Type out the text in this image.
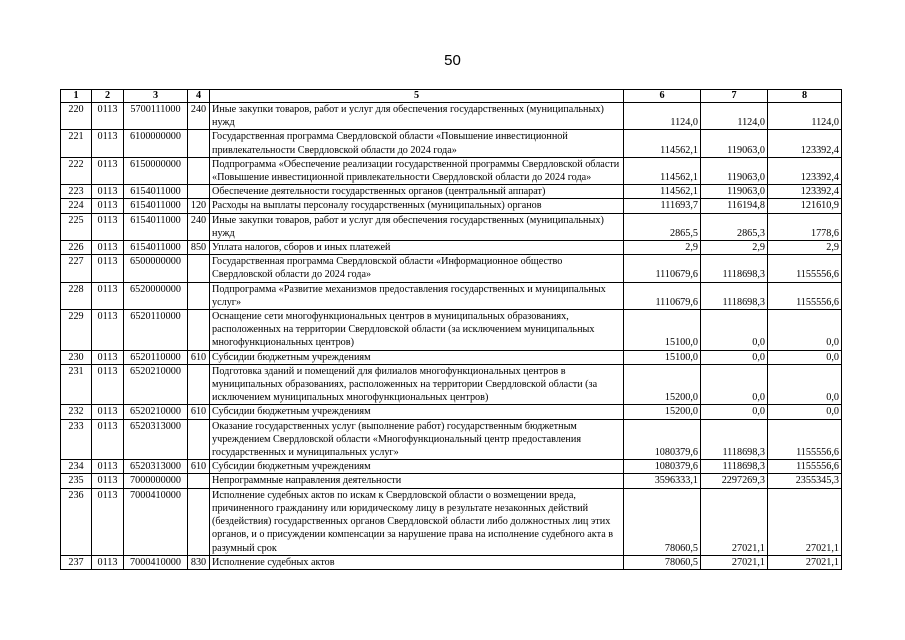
50
1	2	3	4	5	6	7	8
220	0113	5700111000	240	Иные закупки товаров, работ и услуг для обеспечения государственных (муниципальных) нужд	1124,0	1124,0	1124,0
221	0113	6100000000		Государственная программа Свердловской области «Повышение инвестиционной привлекательности Свердловской области до 2024 года»	114562,1	119063,0	123392,4
222	0113	6150000000		Подпрограмма «Обеспечение реализации государственной программы Свердловской области «Повышение инвестиционной привлекательности Свердловской области до 2024 года»	114562,1	119063,0	123392,4
223	0113	6154011000		Обеспечение деятельности государственных органов (центральный аппарат)	114562,1	119063,0	123392,4
224	0113	6154011000	120	Расходы на выплаты персоналу государственных (муниципальных) органов	111693,7	116194,8	121610,9
225	0113	6154011000	240	Иные закупки товаров, работ и услуг для обеспечения государственных (муниципальных) нужд	2865,5	2865,3	1778,6
226	0113	6154011000	850	Уплата налогов, сборов и иных платежей	2,9	2,9	2,9
227	0113	6500000000		Государственная программа Свердловской области «Информационное общество Свердловской области до 2024 года»	1110679,6	1118698,3	1155556,6
228	0113	6520000000		Подпрограмма «Развитие механизмов предоставления государственных и муниципальных услуг»	1110679,6	1118698,3	1155556,6
229	0113	6520110000		Оснащение сети многофункциональных центров в муниципальных образованиях, расположенных на территории Свердловской области (за исключением муниципальных многофункциональных центров)	15100,0	0,0	0,0
230	0113	6520110000	610	Субсидии бюджетным учреждениям	15100,0	0,0	0,0
231	0113	6520210000		Подготовка зданий и помещений для филиалов многофункциональных центров в муниципальных образованиях, расположенных на территории Свердловской области (за исключением муниципальных многофункциональных центров)	15200,0	0,0	0,0
232	0113	6520210000	610	Субсидии бюджетным учреждениям	15200,0	0,0	0,0
233	0113	6520313000		Оказание государственных услуг (выполнение работ) государственным бюджетным учреждением Свердловской области «Многофункциональный центр предоставления государственных и муниципальных услуг»	1080379,6	1118698,3	1155556,6
234	0113	6520313000	610	Субсидии бюджетным учреждениям	1080379,6	1118698,3	1155556,6
235	0113	7000000000		Непрограммные направления деятельности	3596333,1	2297269,3	2355345,3
236	0113	7000410000		Исполнение судебных актов по искам к Свердловской области о возмещении вреда, причиненного гражданину или юридическому лицу в результате незаконных действий (бездействия) государственных органов Свердловской области либо должностных лиц этих органов, и о присуждении компенсации за нарушение права на исполнение судебного акта в разумный срок	78060,5	27021,1	27021,1
237	0113	7000410000	830	Исполнение судебных актов	78060,5	27021,1	27021,1
